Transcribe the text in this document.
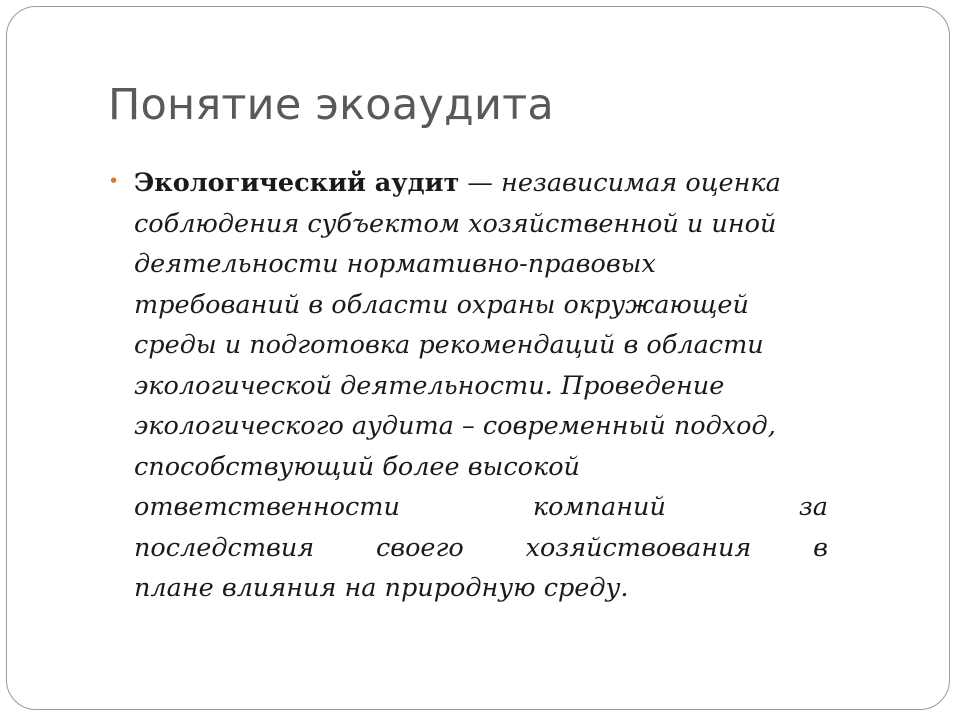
Понятие экоаудита
• Экологический аудит — независимая оценка
соблюдения субъектом хозяйственной и иной
деятельности нормативно-правовых
требований в области охраны окружающей
среды и подготовка рекомендаций в области
экологической деятельности. Проведение
экологического аудита – современный подход,
способствующий более высокой
ответственности	компаний	за
последствия своего хозяйствования в
плане влияния на природную среду.
